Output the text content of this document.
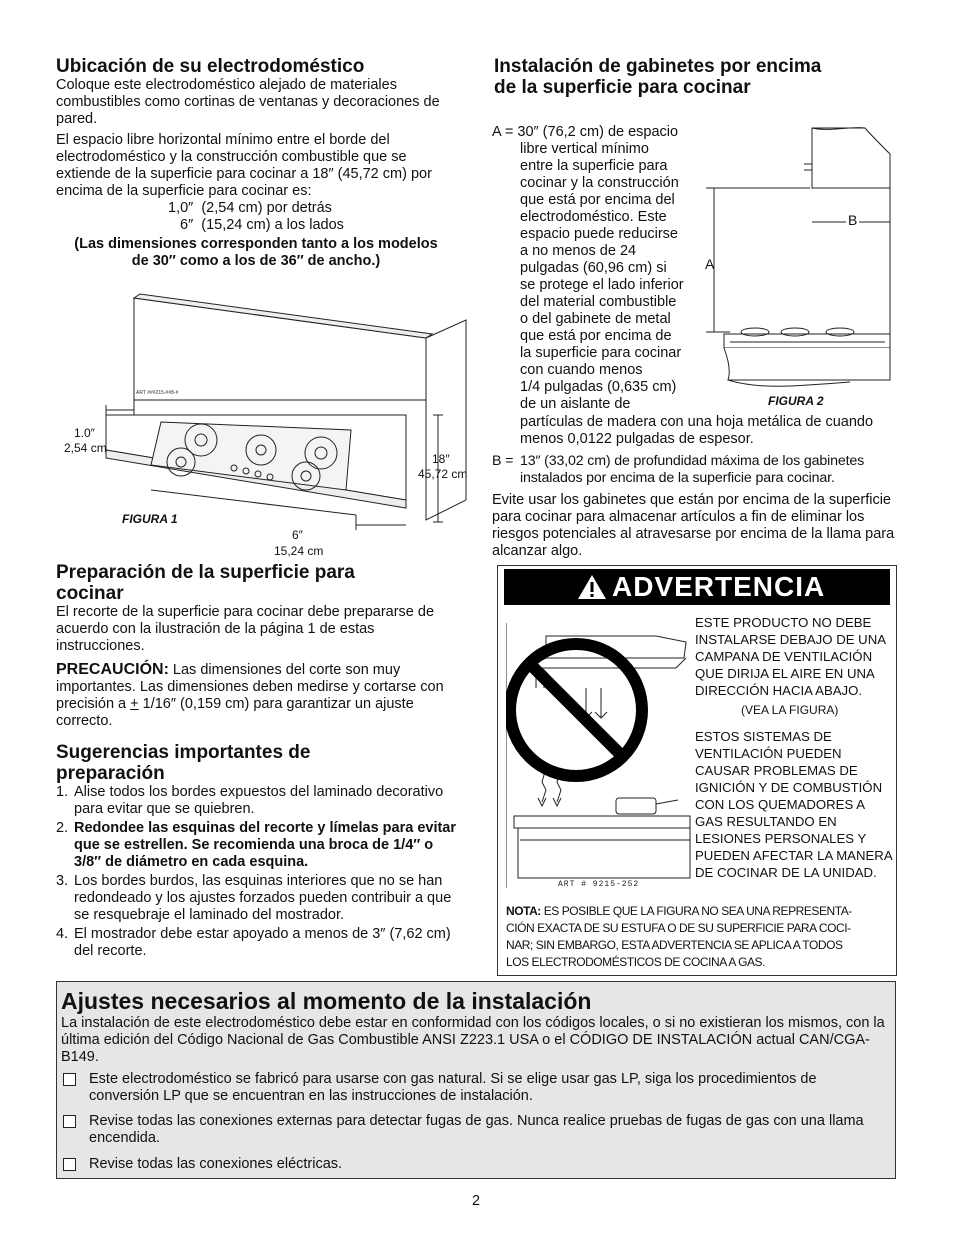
Ubicación de su electrodoméstico

Coloque este electrodoméstico alejado de materiales combustibles como cortinas de ventanas y decoraciones de pared.

El espacio libre horizontal mínimo entre el borde del electrodoméstico y la construcción combustible que se extiende de la superficie para cocinar a 18″ (45,72 cm) por encima de la superficie para cocinar es:

1,0″  (2,54 cm) por detrás

6″  (15,24 cm) a los lados

(Las dimensiones corresponden tanto a los modelos

de 30″ como a los de 36″ de ancho.)

ART ###215-##8-#
1.0″
2,54 cm
18″
45,72 cm
6″
15,24 cm
FIGURA 1
Preparación de la superficie para
cocinar

El recorte de la superficie para cocinar debe prepararse de acuerdo con la ilustración de la página 1 de estas instrucciones.

PRECAUCIÓN: Las dimensiones del corte son muy importantes. Las dimensiones deben medirse y cortarse con precisión a + 1/16″ (0,159 cm) para garantizar un ajuste correcto.

Sugerencias importantes de
preparación
1. Alise todos los bordes expuestos del laminado decorativo para evitar que se quiebren.
2. Redondee las esquinas del recorte y límelas para evitar que se estrellen. Se recomienda una broca de 1/4″ o 3/8″ de diámetro en cada esquina.
3. Los bordes burdos, las esquinas interiores que no se han redondeado y los ajustes forzados pueden contribuir a que se resquebraje el laminado del mostrador.
4. El mostrador debe estar apoyado a menos de 3″ (7,62 cm) del recorte.
Instalación de gabinetes por encima
de la superficie para cocinar

A = 30″ (76,2 cm) de espacio

libre vertical mínimo

entre la superficie para

cocinar y la construcción

que está por encima del

electrodoméstico. Este

espacio puede reducirse

a no menos de 24

pulgadas (60,96 cm) si

se protege el lado inferior

del material combustible

o del gabinete de metal

que está por encima de

la superficie para cocinar

con cuando menos

1/4 pulgadas (0,635 cm)

de un aislante de

A
B
FIGURA 2

partículas de madera con una hoja metálica de cuando menos 0,0122 pulgadas de espesor.

B = 13″ (33,02 cm) de profundidad máxima de los gabinetes instalados por encima de la superficie para cocinar.

Evite usar los gabinetes que están por encima de la superficie para cocinar para almacenar artículos a fin de eliminar los riesgos potenciales al atravesarse por encima de la llama para alcanzar algo.

ADVERTENCIA
ART # 9215-252
ESTE PRODUCTO NO DEBE
INSTALARSE DEBAJO DE UNA
CAMPANA DE VENTILACIÓN
QUE DIRIJA EL AIRE EN UNA
DIRECCIÓN HACIA ABAJO.
(VEA LA FIGURA)
ESTOS SISTEMAS DE
VENTILACIÓN PUEDEN
CAUSAR PROBLEMAS DE
IGNICIÓN Y DE COMBUSTIÓN
CON LOS QUEMADORES A
GAS RESULTANDO EN
LESIONES PERSONALES Y
PUEDEN AFECTAR LA MANERA
DE COCINAR DE LA UNIDAD.
NOTA: ES POSIBLE QUE LA FIGURA NO SEA UNA REPRESENTA-
CIÓN EXACTA DE SU ESTUFA O DE SU SUPERFICIE PARA COCI-
NAR; SIN EMBARGO, ESTA ADVERTENCIA SE APLICA A TODOS
LOS ELECTRODOMÉSTICOS DE COCINA A GAS.
Ajustes necesarios al momento de la instalación
La instalación de este electrodoméstico debe estar en conformidad con los códigos locales, o si no existieran los mismos, con la última edición del Código Nacional de Gas Combustible ANSI Z223.1 USA o el CÓDIGO DE INSTALACIÓN actual CAN/CGA-B149.
Este electrodoméstico se fabricó para usarse con gas natural. Si se elige usar gas LP, siga los procedimientos de conversión LP que se encuentran en las instrucciones de instalación.
Revise todas las conexiones externas para detectar fugas de gas. Nunca realice pruebas de fugas de gas con una llama encendida.
Revise todas las conexiones eléctricas.
2
